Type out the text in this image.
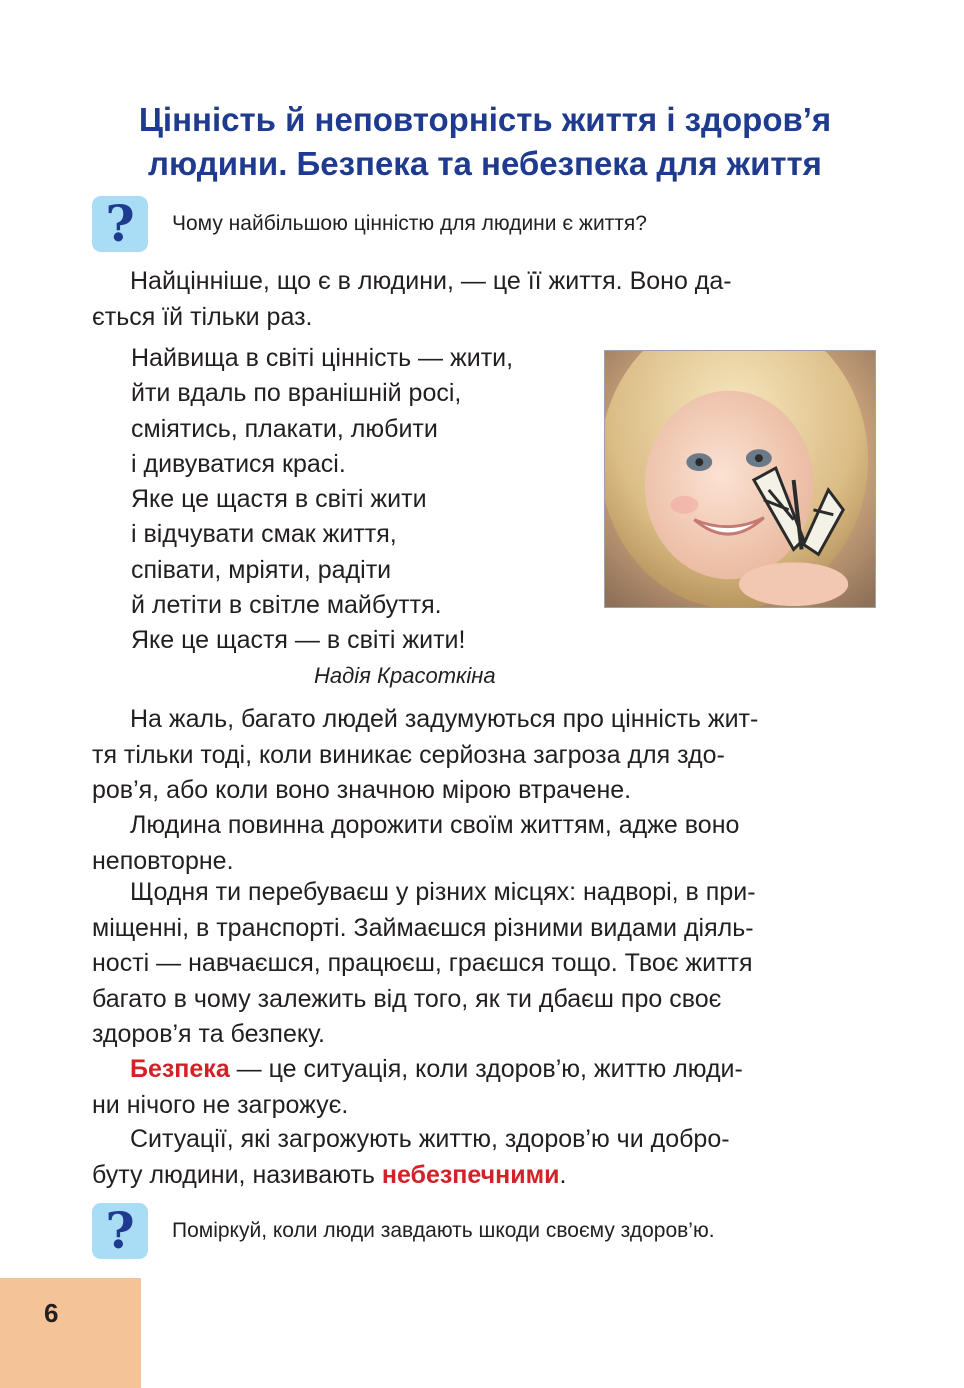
Цінність й неповторність життя і здоров’я
людини. Безпека та небезпека для життя
?	Чому найбільшою цінністю для людини є життя?

Найцінніше, що є в людини, — це її життя. Воно да-
ється їй тільки раз.

Найвища в світі цінність — жити,
йти вдаль по вранішній росі,
сміятись, плакати, любити
і дивуватися красі.
Яке це щастя в світі жити
і відчувати смак життя,
співати, мріяти, радіти
й летіти в світле майбуття.
Яке це щастя — в світі жити!
Надія Красоткіна

На жаль, багато людей задумуються про цінність жит-
тя тільки тоді, коли виникає серйозна загроза для здо-
ров’я, або коли воно значною мірою втрачене.

Людина повинна дорожити своїм життям, адже воно
неповторне.

Щодня ти перебуваєш у різних місцях: надворі, в при-
міщенні, в транспорті. Займаєшся різними видами діяль-
ності — навчаєшся, працюєш, граєшся тощо. Твоє життя
багато в чому залежить від того, як ти дбаєш про своє
здоров’я та безпеку.

Безпека — це ситуація, коли здоров’ю, життю люди-
ни нічого не загрожує.

Ситуації, які загрожують життю, здоров’ю чи добро-
буту людини, називають небезпечними.

?	Поміркуй, коли люди завдають шкоди своєму здоров’ю.
6
